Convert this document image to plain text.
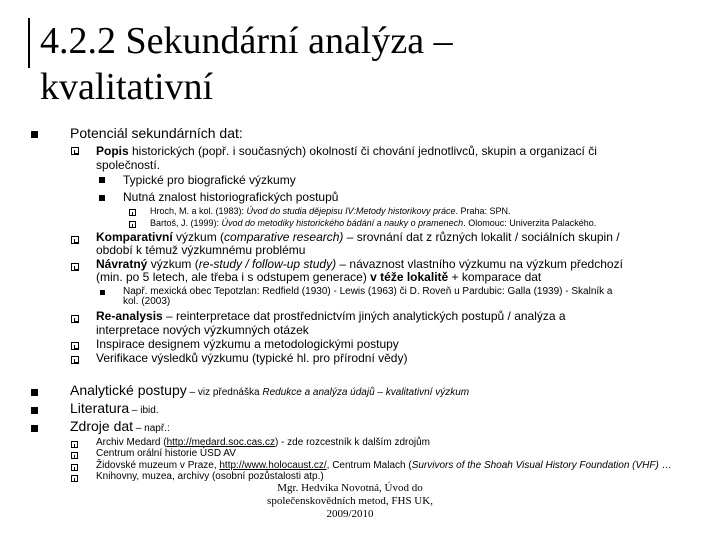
4.2.2 Sekundární analýza –
kvalitativní
Potenciál sekundárních dat:
Popis historických (popř. i současných) okolností či chování jednotlivců, skupin a organizací či
společností.
Typické pro biografické výzkumy
Nutná znalost historiografických postupů
Hroch, M. a kol. (1983): Úvod do studia dějepisu IV:Metody historikovy práce. Praha: SPN.
Bartoš, J. (1999): Úvod do metodiky historického bádání a nauky o pramenech. Olomouc: Univerzita Palackého.
Komparativní výzkum (comparative research) – srovnání dat z různých lokalit / sociálních skupin /
období k témuž výzkumnému problému
Návratný výzkum (re-study / follow-up study) – návaznost vlastního výzkumu na výzkum předchozí
(min. po 5 letech, ale třeba i s odstupem generace) v téže lokalitě + komparace dat
Např. mexická obec Tepotzlan: Redfield (1930) - Lewis (1963) či D. Roveň u Pardubic: Galla (1939) - Skalník a
kol. (2003)
Re-analysis – reinterpretace dat prostřednictvím jiných analytických postupů / analýza a
interpretace nových výzkumných otázek
Inspirace designem výzkumu a metodologickými postupy
Verifikace výsledků výzkumu (typické hl. pro přírodní vědy)
Analytické postupy – viz přednáška Redukce a analýza údajů – kvalitativní výzkum
Literatura – ibid.
Zdroje dat – např.:
Archiv Medard (http://medard.soc.cas.cz) - zde rozcestník k dalším zdrojům
Centrum orální historie ÚSD AV
Židovské muzeum v Praze, http://www.holocaust.cz/, Centrum Malach (Survivors of the Shoah Visual History Foundation (VHF) …
Knihovny, muzea, archivy (osobní pozůstalosti atp.)
Mgr. Hedvika Novotná, Úvod do
společenskovědních metod, FHS UK,
2009/2010
